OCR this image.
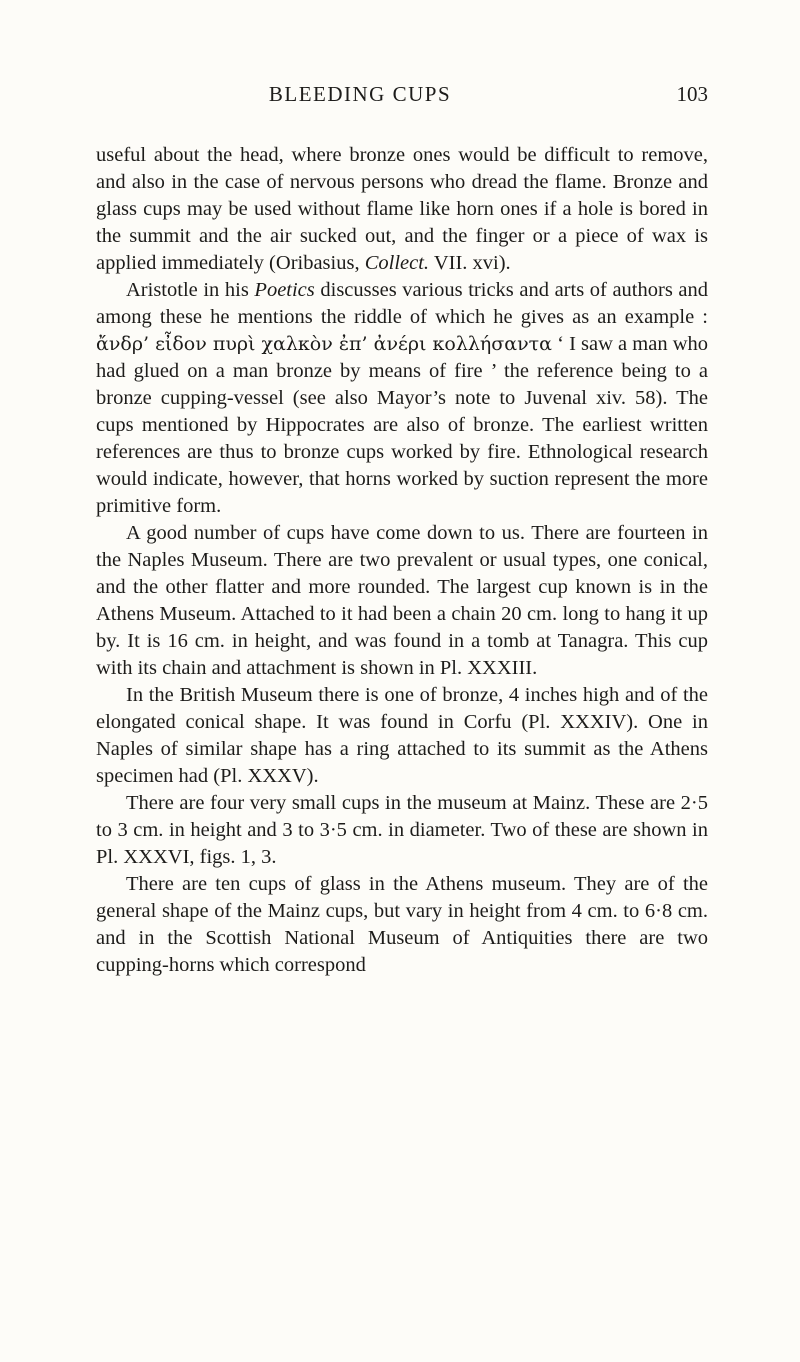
BLEEDING CUPS	103

useful about the head, where bronze ones would be difficult to remove, and also in the case of nervous persons who dread the flame. Bronze and glass cups may be used without flame like horn ones if a hole is bored in the summit and the air sucked out, and the finger or a piece of wax is applied immediately (Oribasius, Collect. VII. xvi).

Aristotle in his Poetics discusses various tricks and arts of authors and among these he mentions the riddle of which he gives as an example : ἄνδρ’ εἶδον πυρὶ χαλκὸν ἐπ’ ἀνέρι κολλήσαντα ‘ I saw a man who had glued on a man bronze by means of fire ’ the reference being to a bronze cupping-vessel (see also Mayor’s note to Juvenal xiv. 58). The cups mentioned by Hippocrates are also of bronze. The earliest written references are thus to bronze cups worked by fire. Ethnological research would indicate, however, that horns worked by suction represent the more primitive form.

A good number of cups have come down to us. There are fourteen in the Naples Museum. There are two prevalent or usual types, one conical, and the other flatter and more rounded. The largest cup known is in the Athens Museum. Attached to it had been a chain 20 cm. long to hang it up by. It is 16 cm. in height, and was found in a tomb at Tanagra. This cup with its chain and attachment is shown in Pl. XXXIII.

In the British Museum there is one of bronze, 4 inches high and of the elongated conical shape. It was found in Corfu (Pl. XXXIV). One in Naples of similar shape has a ring attached to its summit as the Athens specimen had (Pl. XXXV).

There are four very small cups in the museum at Mainz. These are 2·5 to 3 cm. in height and 3 to 3·5 cm. in diameter. Two of these are shown in Pl. XXXVI, figs. 1, 3.

There are ten cups of glass in the Athens museum. They are of the general shape of the Mainz cups, but vary in height from 4 cm. to 6·8 cm. and in the Scottish National Museum of Antiquities there are two cupping-horns which correspond
